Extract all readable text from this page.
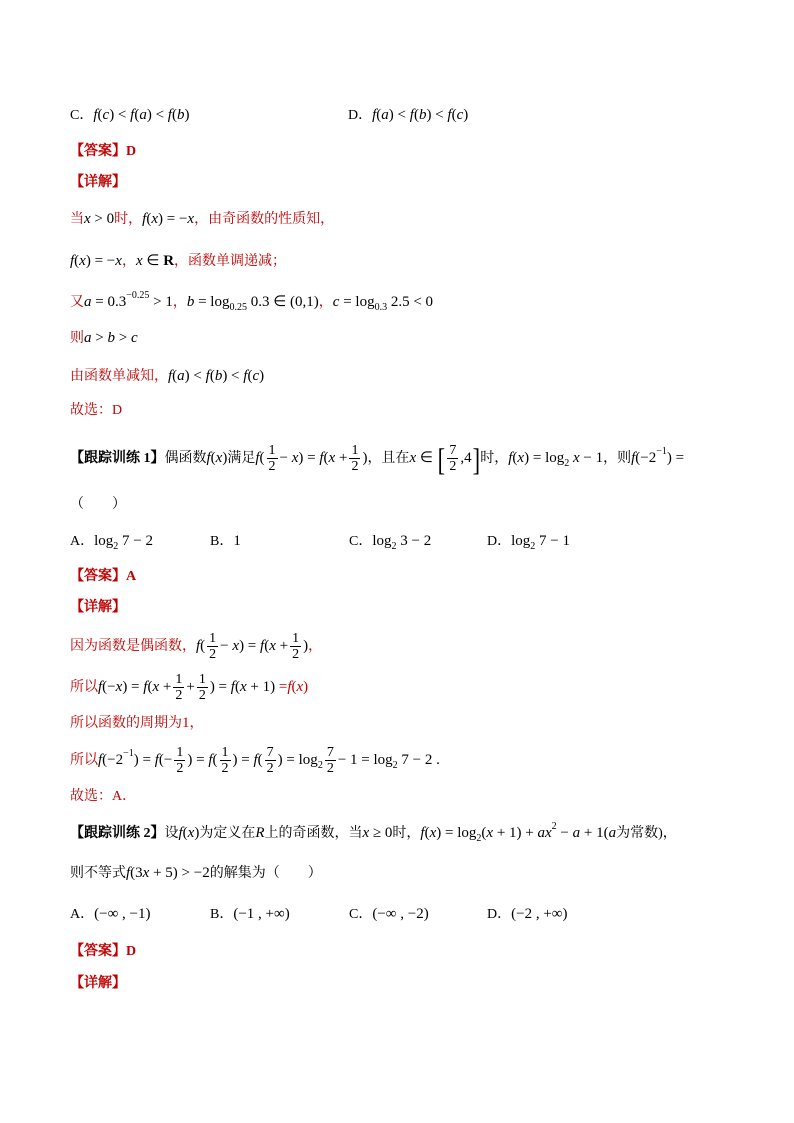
C．f(c) < f(a) < f(b)	D．f(a) < f(b) < f(c)
【答案】D
【详解】
当x > 0时，f(x) = −x，由奇函数的性质知，
f(x) = −x，x ∈ R，函数单调递减；
又$a = 0.3^{-0.25} > 1$，$b = \log_{0.25} 0.3$ ∈ (0,1)，$c = \log_{0.3} 2.5 < 0$
则a > b > c
由函数单减知，f(a) < f(b) < f(c)
故选：D
【跟踪训练 1】偶函数f(x)满足$f( \frac{1}{2} - x) = f(x + \frac{1}{2}$ )，且在x ∈ [ $\frac{7}{2} ,4$]时，$f(x) = \log_2 x - 1$，则$f(-2^{-1})$ =
（　　）
A．$\log_2 7 - 2$	B．1	C．$\log_2 3 - 2$	D．$\log_2 7 - 1$
【答案】A
【详解】
因为函数是偶函数，$f( \frac{1}{2} - x) = f(x + \frac{1}{2}$ )，
所以$f(-x) = f(x + \frac{1}{2} + \frac{1}{2}$ ) = f(x + 1) =f(x)
所以函数的周期为1，
所以$f(-2^{-1}) = f(- \frac{1}{2}$ ) = $f( \frac{1}{2}$ ) = $f( \frac{7}{2}$ ) = $\log_2 \frac{7}{2} - 1 = \log_2 7 - 2$ .
故选：A．
【跟踪训练 2】设f(x)为定义在R上的奇函数，当x ≥ 0时，$f(x) = \log_2(x + 1) + ax^2 - a + 1(a$为常数)，
则不等式f(3x + 5) > −2的解集为（　　）
A．(−∞ , −1)	B．(−1 , +∞)	C．(−∞ , −2)	D．(−2 , +∞)
【答案】D
【详解】
